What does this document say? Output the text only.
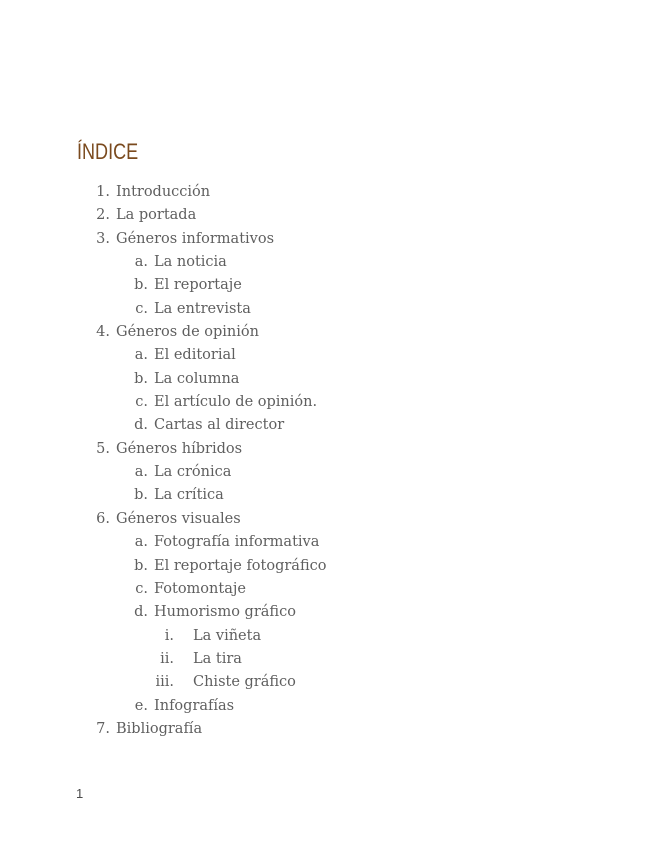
ÍNDICE
1. Introducción
2. La portada
3. Géneros informativos
a. La noticia
b. El reportaje
c. La entrevista
4. Géneros de opinión
a. El editorial
b. La columna
c. El artículo de opinión.
d. Cartas al director
5. Géneros híbridos
a. La crónica
b. La crítica
6. Géneros visuales
a. Fotografía informativa
b. El reportaje fotográfico
c. Fotomontaje
d. Humorismo gráfico
i. La viñeta
ii. La tira
iii. Chiste gráfico
e. Infografías
7. Bibliografía
1
